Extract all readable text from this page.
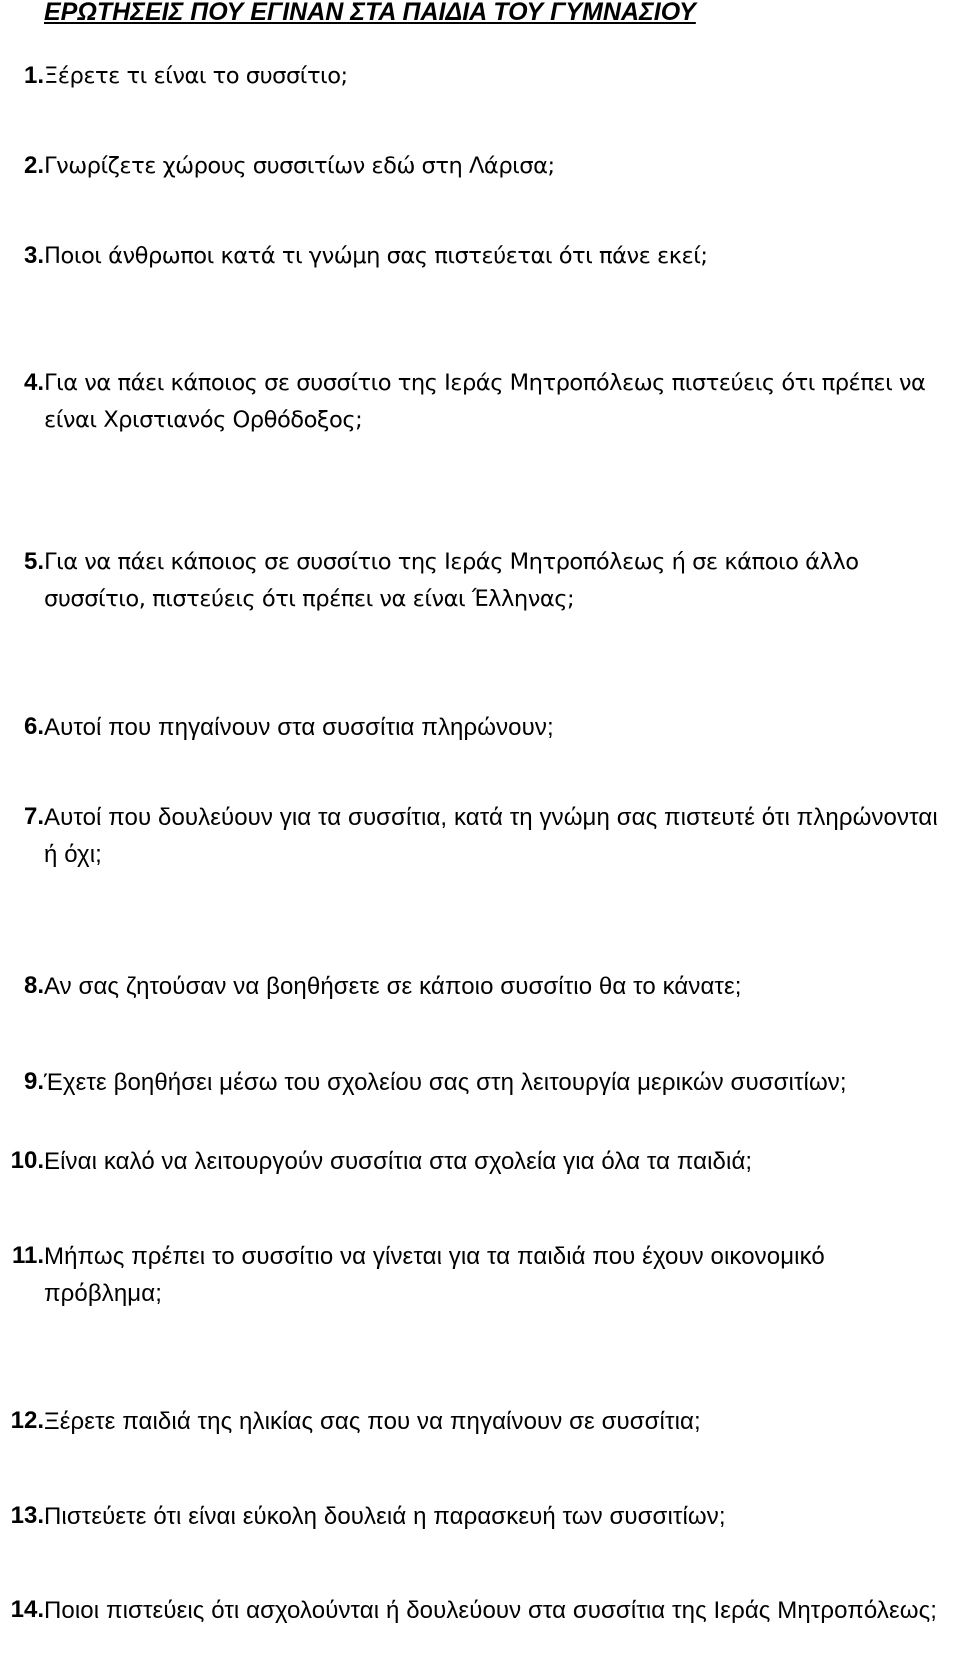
ΕΡΩΤΗΣΕΙΣ ΠΟΥ ΕΓΙΝΑΝ ΣΤΑ ΠΑΙΔΙΑ ΤΟΥ ΓΥΜΝΑΣΙΟΥ
1. Ξέρετε τι είναι το συσσίτιο;
2. Γνωρίζετε χώρους συσσιτίων εδώ στη Λάρισα;
3. Ποιοι άνθρωποι κατά τι γνώμη σας πιστεύεται ότι πάνε εκεί;
4. Για να πάει κάποιος σε συσσίτιο της Ιεράς Μητροπόλεως πιστεύεις ότι πρέπει να είναι Χριστιανός Ορθόδοξος;
5. Για να πάει κάποιος σε συσσίτιο της Ιεράς Μητροπόλεως ή σε κάποιο άλλο συσσίτιο, πιστεύεις ότι πρέπει να είναι Έλληνας;
6. Αυτοί που πηγαίνουν στα συσσίτια πληρώνουν;
7. Αυτοί που δουλεύουν για τα συσσίτια, κατά τη γνώμη σας πιστευτέ ότι πληρώνονται ή όχι;
8. Αν σας ζητούσαν να βοηθήσετε σε κάποιο συσσίτιο θα το κάνατε;
9. Έχετε βοηθήσει μέσω του σχολείου σας στη λειτουργία μερικών συσσιτίων;
10. Είναι καλό να λειτουργούν συσσίτια στα σχολεία για όλα τα παιδιά;
11. Μήπως πρέπει το συσσίτιο να γίνεται για τα παιδιά που έχουν οικονομικό πρόβλημα;
12. Ξέρετε παιδιά της ηλικίας σας που να πηγαίνουν σε συσσίτια;
13. Πιστεύετε ότι είναι εύκολη δουλειά η παρασκευή των συσσιτίων;
14. Ποιοι πιστεύεις ότι ασχολούνται ή δουλεύουν στα συσσίτια της Ιεράς Μητροπόλεως;
